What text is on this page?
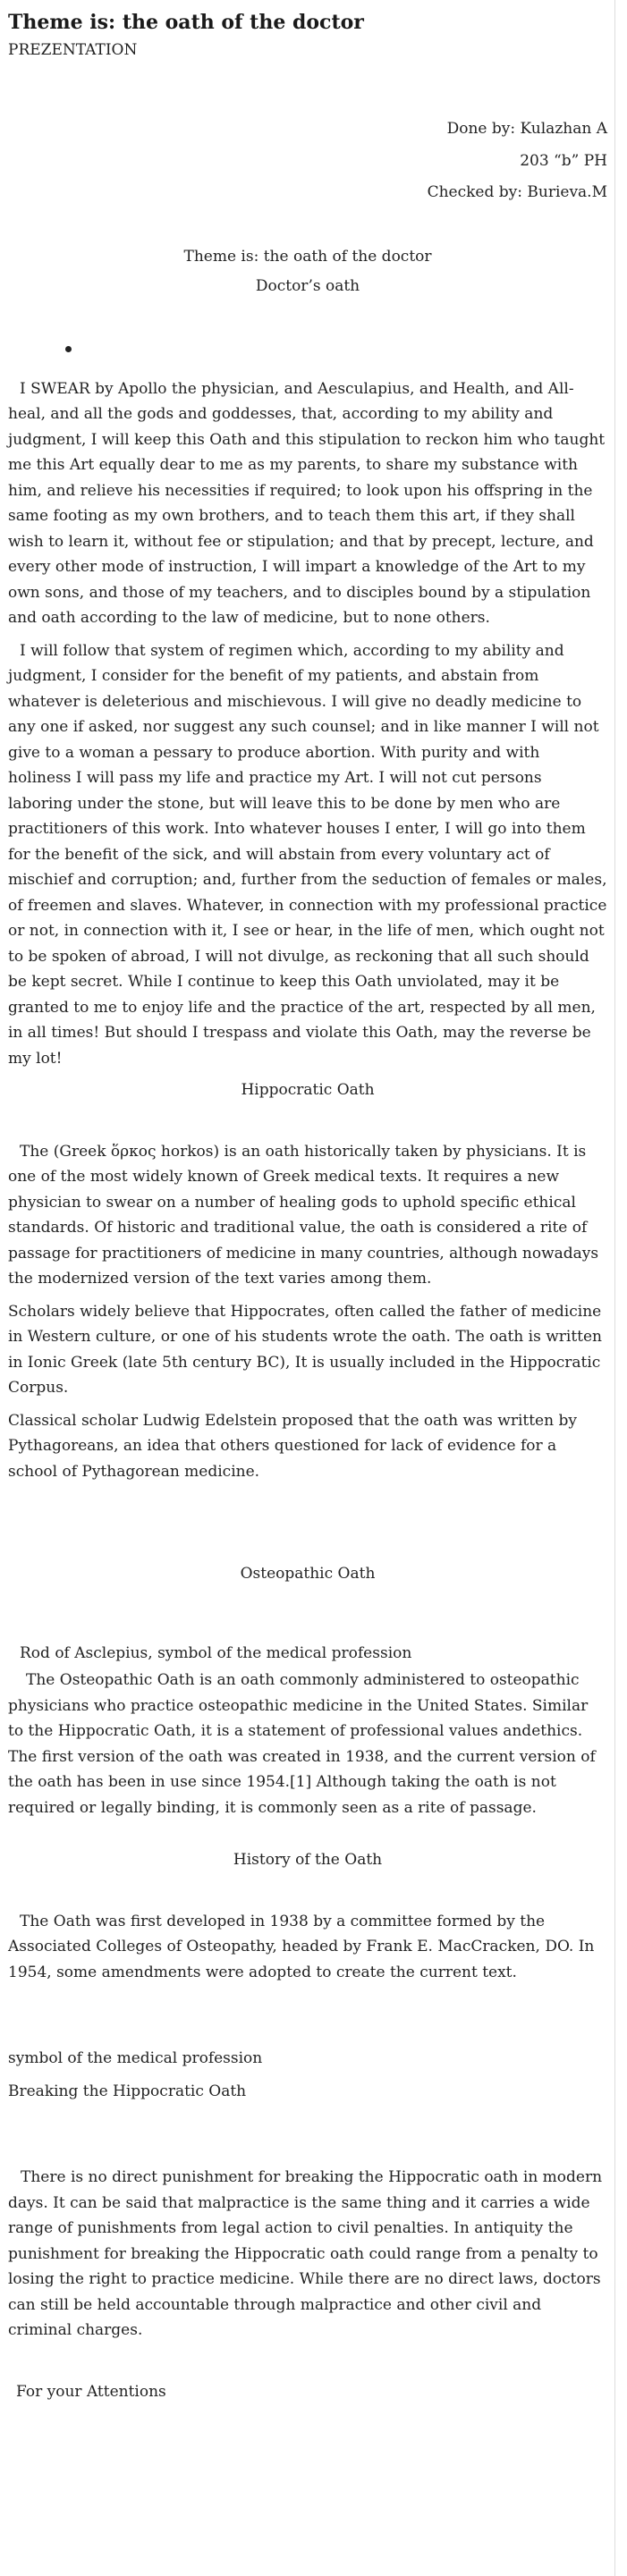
Theme is: the oath of the doctor

PREZENTATION

Done by: Kulazhan A

203 “b” PH

Checked by: Burieva.M

Theme is: the oath of the doctor

Doctor’s oath

I SWEAR by Apollo the physician, and Aesculapius, and Health, and All-heal, and all the gods and goddesses, that, according to my ability and judgment, I will keep this Oath and this stipulation to reckon him who taught me this Art equally dear to me as my parents, to share my substance with him, and relieve his necessities if required; to look upon his offspring in the same footing as my own brothers, and to teach them this art, if they shall wish to learn it, without fee or stipulation; and that by precept, lecture, and every other mode of instruction, I will impart a knowledge of the Art to my own sons, and those of my teachers, and to disciples bound by a stipulation and oath according to the law of medicine, but to none others.

I will follow that system of regimen which, according to my ability and judgment, I consider for the benefit of my patients, and abstain from whatever is deleterious and mischievous. I will give no deadly medicine to any one if asked, nor suggest any such counsel; and in like manner I will not give to a woman a pessary to produce abortion. With purity and with holiness I will pass my life and practice my Art. I will not cut persons laboring under the stone, but will leave this to be done by men who are practitioners of this work. Into whatever houses I enter, I will go into them for the benefit of the sick, and will abstain from every voluntary act of mischief and corruption; and, further from the seduction of females or males, of freemen and slaves. Whatever, in connection with my professional practice or not, in connection with it, I see or hear, in the life of men, which ought not to be spoken of abroad, I will not divulge, as reckoning that all such should be kept secret. While I continue to keep this Oath unviolated, may it be granted to me to enjoy life and the practice of the art, respected by all men, in all times! But should I trespass and violate this Oath, may the reverse be my lot!

Hippocratic Oath

The (Greek ὅρκος horkos) is an oath historically taken by physicians. It is one of the most widely known of Greek medical texts. It requires a new physician to swear on a number of healing gods to uphold specific ethical standards. Of historic and traditional value, the oath is considered a rite of passage for practitioners of medicine in many countries, although nowadays the modernized version of the text varies among them.

Scholars widely believe that Hippocrates, often called the father of medicine in Western culture, or one of his students wrote the oath. The oath is written in Ionic Greek (late 5th century BC), It is usually included in the Hippocratic Corpus.

Classical scholar Ludwig Edelstein proposed that the oath was written by Pythagoreans, an idea that others questioned for lack of evidence for a school of Pythagorean medicine.

Osteopathic Oath

Rod of Asclepius, symbol of the medical profession

The Osteopathic Oath is an oath commonly administered to osteopathic physicians who practice osteopathic medicine in the United States. Similar to the Hippocratic Oath, it is a statement of professional values andethics. The first version of the oath was created in 1938, and the current version of the oath has been in use since 1954.[1] Although taking the oath is not required or legally binding, it is commonly seen as a rite of passage.

History of the Oath

The Oath was first developed in 1938 by a committee formed by the Associated Colleges of Osteopathy, headed by Frank E. MacCracken, DO. In 1954, some amendments were adopted to create the current text.

symbol of the medical profession

Breaking the Hippocratic Oath

There is no direct punishment for breaking the Hippocratic oath in modern days. It can be said that malpractice is the same thing and it carries a wide range of punishments from legal action to civil penalties. In antiquity the punishment for breaking the Hippocratic oath could range from a penalty to losing the right to practice medicine. While there are no direct laws, doctors can still be held accountable through malpractice and other civil and criminal charges.

For your Attentions
